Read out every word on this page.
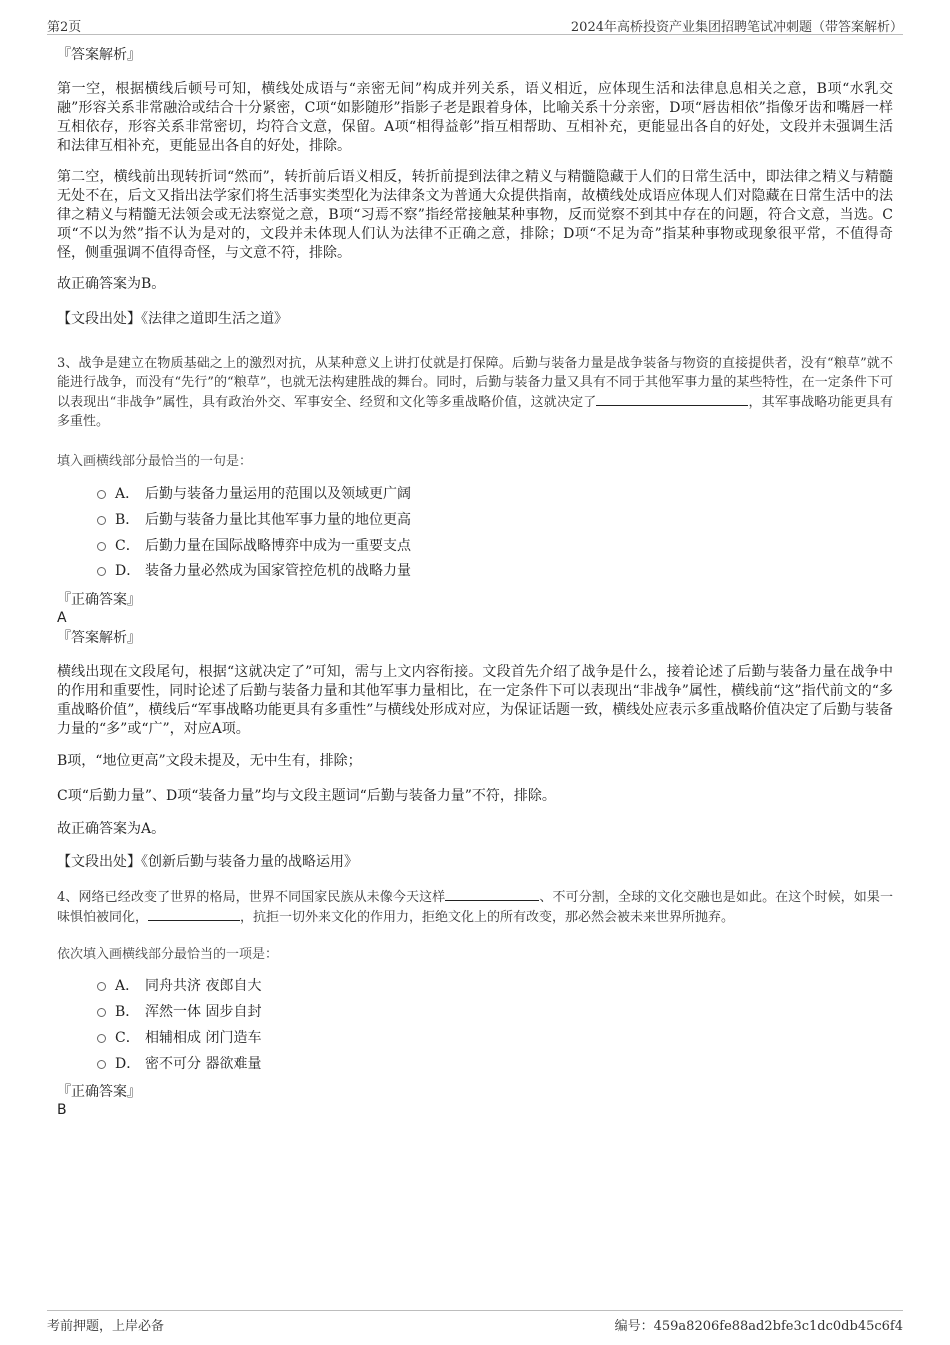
第2页	2024年高桥投资产业集团招聘笔试冲刺题（带答案解析）
『答案解析』

第一空，根据横线后顿号可知，横线处成语与“亲密无间”构成并列关系，语义相近，应体现生活和法律息息相关之意，B项“水乳交融”形容关系非常融洽或结合十分紧密，C项“如影随形”指影子老是跟着身体，比喻关系十分亲密，D项“唇齿相依”指像牙齿和嘴唇一样互相依存，形容关系非常密切，均符合文意，保留。A项“相得益彰”指互相帮助、互相补充，更能显出各自的好处，文段并未强调生活和法律互相补充，更能显出各自的好处，排除。

第二空，横线前出现转折词“然而”，转折前后语义相反，转折前提到法律之精义与精髓隐藏于人们的日常生活中，即法律之精义与精髓无处不在，后文又指出法学家们将生活事实类型化为法律条文为普通大众提供指南，故横线处成语应体现人们对隐藏在日常生活中的法律之精义与精髓无法领会或无法察觉之意，B项“习焉不察”指经常接触某种事物，反而觉察不到其中存在的问题，符合文意，当选。C项“不以为然”指不认为是对的，文段并未体现人们认为法律不正确之意，排除；D项“不足为奇”指某种事物或现象很平常，不值得奇怪，侧重强调不值得奇怪，与文意不符，排除。

故正确答案为B。
【文段出处】《法律之道即生活之道》

3、战争是建立在物质基础之上的激烈对抗，从某种意义上讲打仗就是打保障。后勤与装备力量是战争装备与物资的直接提供者，没有“粮草”就不能进行战争，而没有“先行”的“粮草”，也就无法构建胜战的舞台。同时，后勤与装备力量又具有不同于其他军事力量的某些特性，在一定条件下可以表现出“非战争”属性，具有政治外交、军事安全、经贸和文化等多重战略价值，这就决定了	，其军事战略功能更具有多重性。

填入画横线部分最恰当的一句是：
A． 后勤与装备力量运用的范围以及领域更广阔
B． 后勤与装备力量比其他军事力量的地位更高
C． 后勤力量在国际战略博弈中成为一重要支点
D． 装备力量必然成为国家管控危机的战略力量
『正确答案』
A
『答案解析』

横线出现在文段尾句，根据“这就决定了”可知，需与上文内容衔接。文段首先介绍了战争是什么，接着论述了后勤与装备力量在战争中的作用和重要性，同时论述了后勤与装备力量和其他军事力量相比，在一定条件下可以表现出“非战争”属性，横线前“这”指代前文的“多重战略价值”，横线后“军事战略功能更具有多重性”与横线处形成对应，为保证话题一致，横线处应表示多重战略价值决定了后勤与装备力量的“多”或“广”，对应A项。

B项，“地位更高”文段未提及，无中生有，排除；
C项“后勤力量”、D项“装备力量”均与文段主题词“后勤与装备力量”不符，排除。
故正确答案为A。
【文段出处】《创新后勤与装备力量的战略运用》

4、网络已经改变了世界的格局，世界不同国家民族从未像今天这样	、不可分割，全球的文化交融也是如此。在这个时候，如果一味惧怕被同化，	，抗拒一切外来文化的作用力，拒绝文化上的所有改变，那必然会被未来世界所抛弃。

依次填入画横线部分最恰当的一项是：
A． 同舟共济 夜郎自大
B． 浑然一体 固步自封
C． 相辅相成 闭门造车
D． 密不可分 器欲难量
『正确答案』
B
考前押题，上岸必备	编号：459a8206fe88ad2bfe3c1dc0db45c6f4
